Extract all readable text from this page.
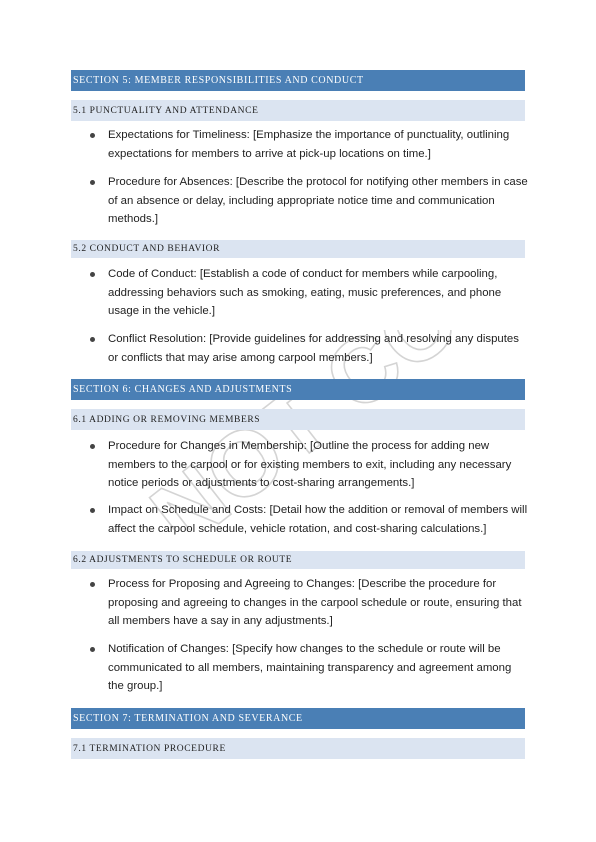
SECTION 5: MEMBER RESPONSIBILITIES AND CONDUCT
5.1 PUNCTUALITY AND ATTENDANCE
Expectations for Timeliness: [Emphasize the importance of punctuality, outlining expectations for members to arrive at pick-up locations on time.]
Procedure for Absences: [Describe the protocol for notifying other members in case of an absence or delay, including appropriate notice time and communication methods.]
5.2 CONDUCT AND BEHAVIOR
Code of Conduct: [Establish a code of conduct for members while carpooling, addressing behaviors such as smoking, eating, music preferences, and phone usage in the vehicle.]
Conflict Resolution: [Provide guidelines for addressing and resolving any disputes or conflicts that may arise among carpool members.]
SECTION 6: CHANGES AND ADJUSTMENTS
6.1 ADDING OR REMOVING MEMBERS
Procedure for Changes in Membership: [Outline the process for adding new members to the carpool or for existing members to exit, including any necessary notice periods or adjustments to cost-sharing arrangements.]
Impact on Schedule and Costs: [Detail how the addition or removal of members will affect the carpool schedule, vehicle rotation, and cost-sharing calculations.]
6.2 ADJUSTMENTS TO SCHEDULE OR ROUTE
Process for Proposing and Agreeing to Changes: [Describe the procedure for proposing and agreeing to changes in the carpool schedule or route, ensuring that all members have a say in any adjustments.]
Notification of Changes: [Specify how changes to the schedule or route will be communicated to all members, maintaining transparency and agreement among the group.]
SECTION 7: TERMINATION AND SEVERANCE
7.1 TERMINATION PROCEDURE
